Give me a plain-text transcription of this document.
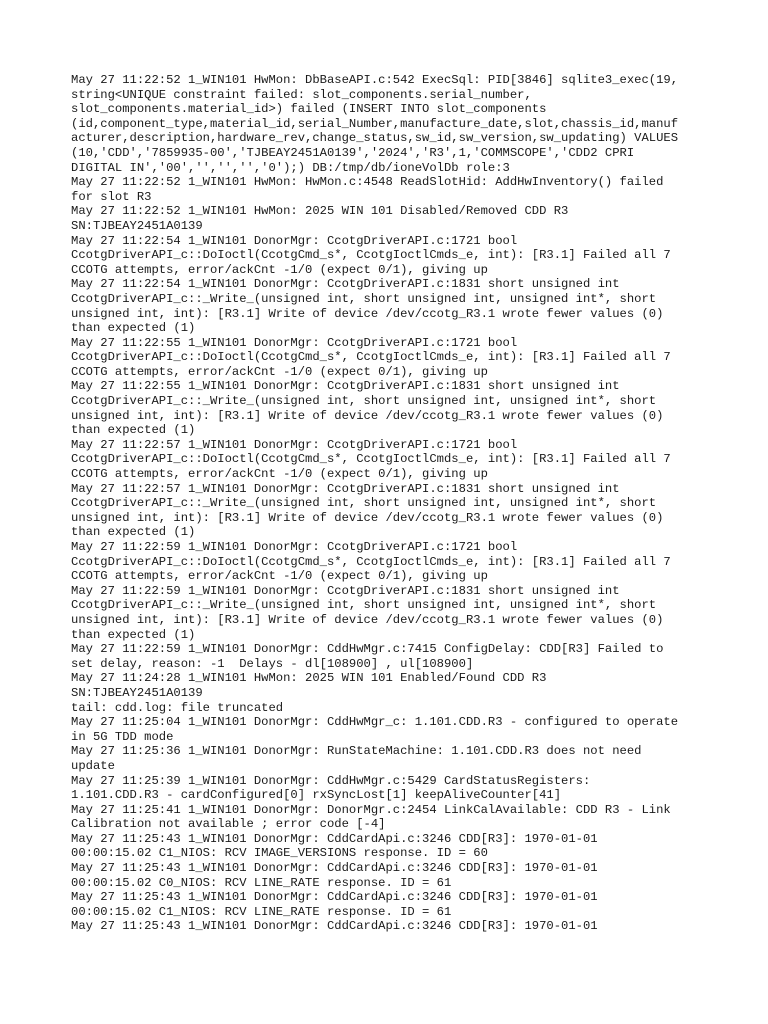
May 27 11:22:52 1_WIN101 HwMon: DbBaseAPI.c:542 ExecSql: PID[3846] sqlite3_exec(19,
string<UNIQUE constraint failed: slot_components.serial_number,
slot_components.material_id>) failed (INSERT INTO slot_components
(id,component_type,material_id,serial_Number,manufacture_date,slot,chassis_id,manuf
acturer,description,hardware_rev,change_status,sw_id,sw_version,sw_updating) VALUES
(10,'CDD','7859935-00','TJBEAY2451A0139','2024','R3',1,'COMMSCOPE','CDD2 CPRI
DIGITAL IN','00','','','','0');) DB:/tmp/db/ioneVolDb role:3
May 27 11:22:52 1_WIN101 HwMon: HwMon.c:4548 ReadSlotHid: AddHwInventory() failed
for slot R3
May 27 11:22:52 1_WIN101 HwMon: 2025 WIN 101 Disabled/Removed CDD R3
SN:TJBEAY2451A0139
May 27 11:22:54 1_WIN101 DonorMgr: CcotgDriverAPI.c:1721 bool
CcotgDriverAPI_c::DoIoctl(CcotgCmd_s*, CcotgIoctlCmds_e, int): [R3.1] Failed all 7
CCOTG attempts, error/ackCnt -1/0 (expect 0/1), giving up
May 27 11:22:54 1_WIN101 DonorMgr: CcotgDriverAPI.c:1831 short unsigned int
CcotgDriverAPI_c::_Write_(unsigned int, short unsigned int, unsigned int*, short
unsigned int, int): [R3.1] Write of device /dev/ccotg_R3.1 wrote fewer values (0)
than expected (1)
May 27 11:22:55 1_WIN101 DonorMgr: CcotgDriverAPI.c:1721 bool
CcotgDriverAPI_c::DoIoctl(CcotgCmd_s*, CcotgIoctlCmds_e, int): [R3.1] Failed all 7
CCOTG attempts, error/ackCnt -1/0 (expect 0/1), giving up
May 27 11:22:55 1_WIN101 DonorMgr: CcotgDriverAPI.c:1831 short unsigned int
CcotgDriverAPI_c::_Write_(unsigned int, short unsigned int, unsigned int*, short
unsigned int, int): [R3.1] Write of device /dev/ccotg_R3.1 wrote fewer values (0)
than expected (1)
May 27 11:22:57 1_WIN101 DonorMgr: CcotgDriverAPI.c:1721 bool
CcotgDriverAPI_c::DoIoctl(CcotgCmd_s*, CcotgIoctlCmds_e, int): [R3.1] Failed all 7
CCOTG attempts, error/ackCnt -1/0 (expect 0/1), giving up
May 27 11:22:57 1_WIN101 DonorMgr: CcotgDriverAPI.c:1831 short unsigned int
CcotgDriverAPI_c::_Write_(unsigned int, short unsigned int, unsigned int*, short
unsigned int, int): [R3.1] Write of device /dev/ccotg_R3.1 wrote fewer values (0)
than expected (1)
May 27 11:22:59 1_WIN101 DonorMgr: CcotgDriverAPI.c:1721 bool
CcotgDriverAPI_c::DoIoctl(CcotgCmd_s*, CcotgIoctlCmds_e, int): [R3.1] Failed all 7
CCOTG attempts, error/ackCnt -1/0 (expect 0/1), giving up
May 27 11:22:59 1_WIN101 DonorMgr: CcotgDriverAPI.c:1831 short unsigned int
CcotgDriverAPI_c::_Write_(unsigned int, short unsigned int, unsigned int*, short
unsigned int, int): [R3.1] Write of device /dev/ccotg_R3.1 wrote fewer values (0)
than expected (1)
May 27 11:22:59 1_WIN101 DonorMgr: CddHwMgr.c:7415 ConfigDelay: CDD[R3] Failed to
set delay, reason: -1  Delays - dl[108900] , ul[108900]
May 27 11:24:28 1_WIN101 HwMon: 2025 WIN 101 Enabled/Found CDD R3
SN:TJBEAY2451A0139
tail: cdd.log: file truncated
May 27 11:25:04 1_WIN101 DonorMgr: CddHwMgr_c: 1.101.CDD.R3 - configured to operate
in 5G TDD mode
May 27 11:25:36 1_WIN101 DonorMgr: RunStateMachine: 1.101.CDD.R3 does not need
update
May 27 11:25:39 1_WIN101 DonorMgr: CddHwMgr.c:5429 CardStatusRegisters:
1.101.CDD.R3 - cardConfigured[0] rxSyncLost[1] keepAliveCounter[41]
May 27 11:25:41 1_WIN101 DonorMgr: DonorMgr.c:2454 LinkCalAvailable: CDD R3 - Link
Calibration not available ; error code [-4]
May 27 11:25:43 1_WIN101 DonorMgr: CddCardApi.c:3246 CDD[R3]: 1970-01-01
00:00:15.02 C1_NIOS: RCV IMAGE_VERSIONS response. ID = 60
May 27 11:25:43 1_WIN101 DonorMgr: CddCardApi.c:3246 CDD[R3]: 1970-01-01
00:00:15.02 C0_NIOS: RCV LINE_RATE response. ID = 61
May 27 11:25:43 1_WIN101 DonorMgr: CddCardApi.c:3246 CDD[R3]: 1970-01-01
00:00:15.02 C1_NIOS: RCV LINE_RATE response. ID = 61
May 27 11:25:43 1_WIN101 DonorMgr: CddCardApi.c:3246 CDD[R3]: 1970-01-01
